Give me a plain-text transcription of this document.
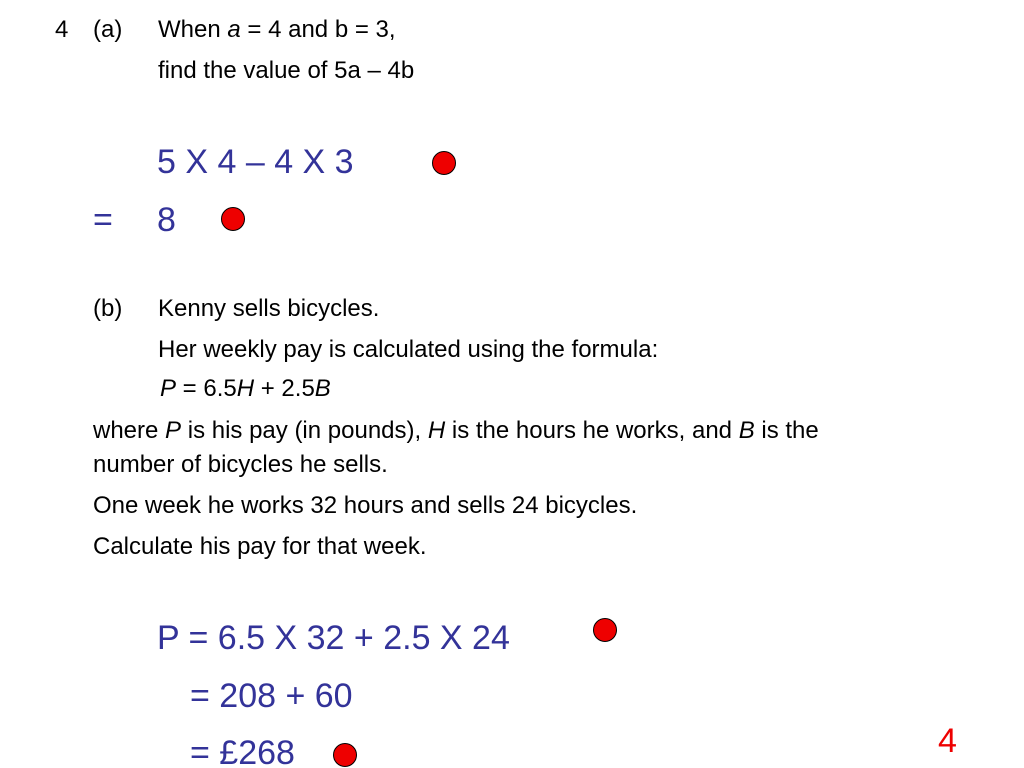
4 (a) When a = 4 and b = 3,
find the value of 5a – 4b
5 X 4 – 4 X 3
= 8
(b) Kenny sells bicycles.
Her weekly pay is calculated using the formula:
P = 6.5H + 2.5B
where P is his pay (in pounds), H is the hours he works, and B is the
number of bicycles he sells.
One week he works 32 hours and sells 24 bicycles.
Calculate his pay for that week.
P = 6.5 X 32 + 2.5 X 24
= 208 + 60
= £268	4
